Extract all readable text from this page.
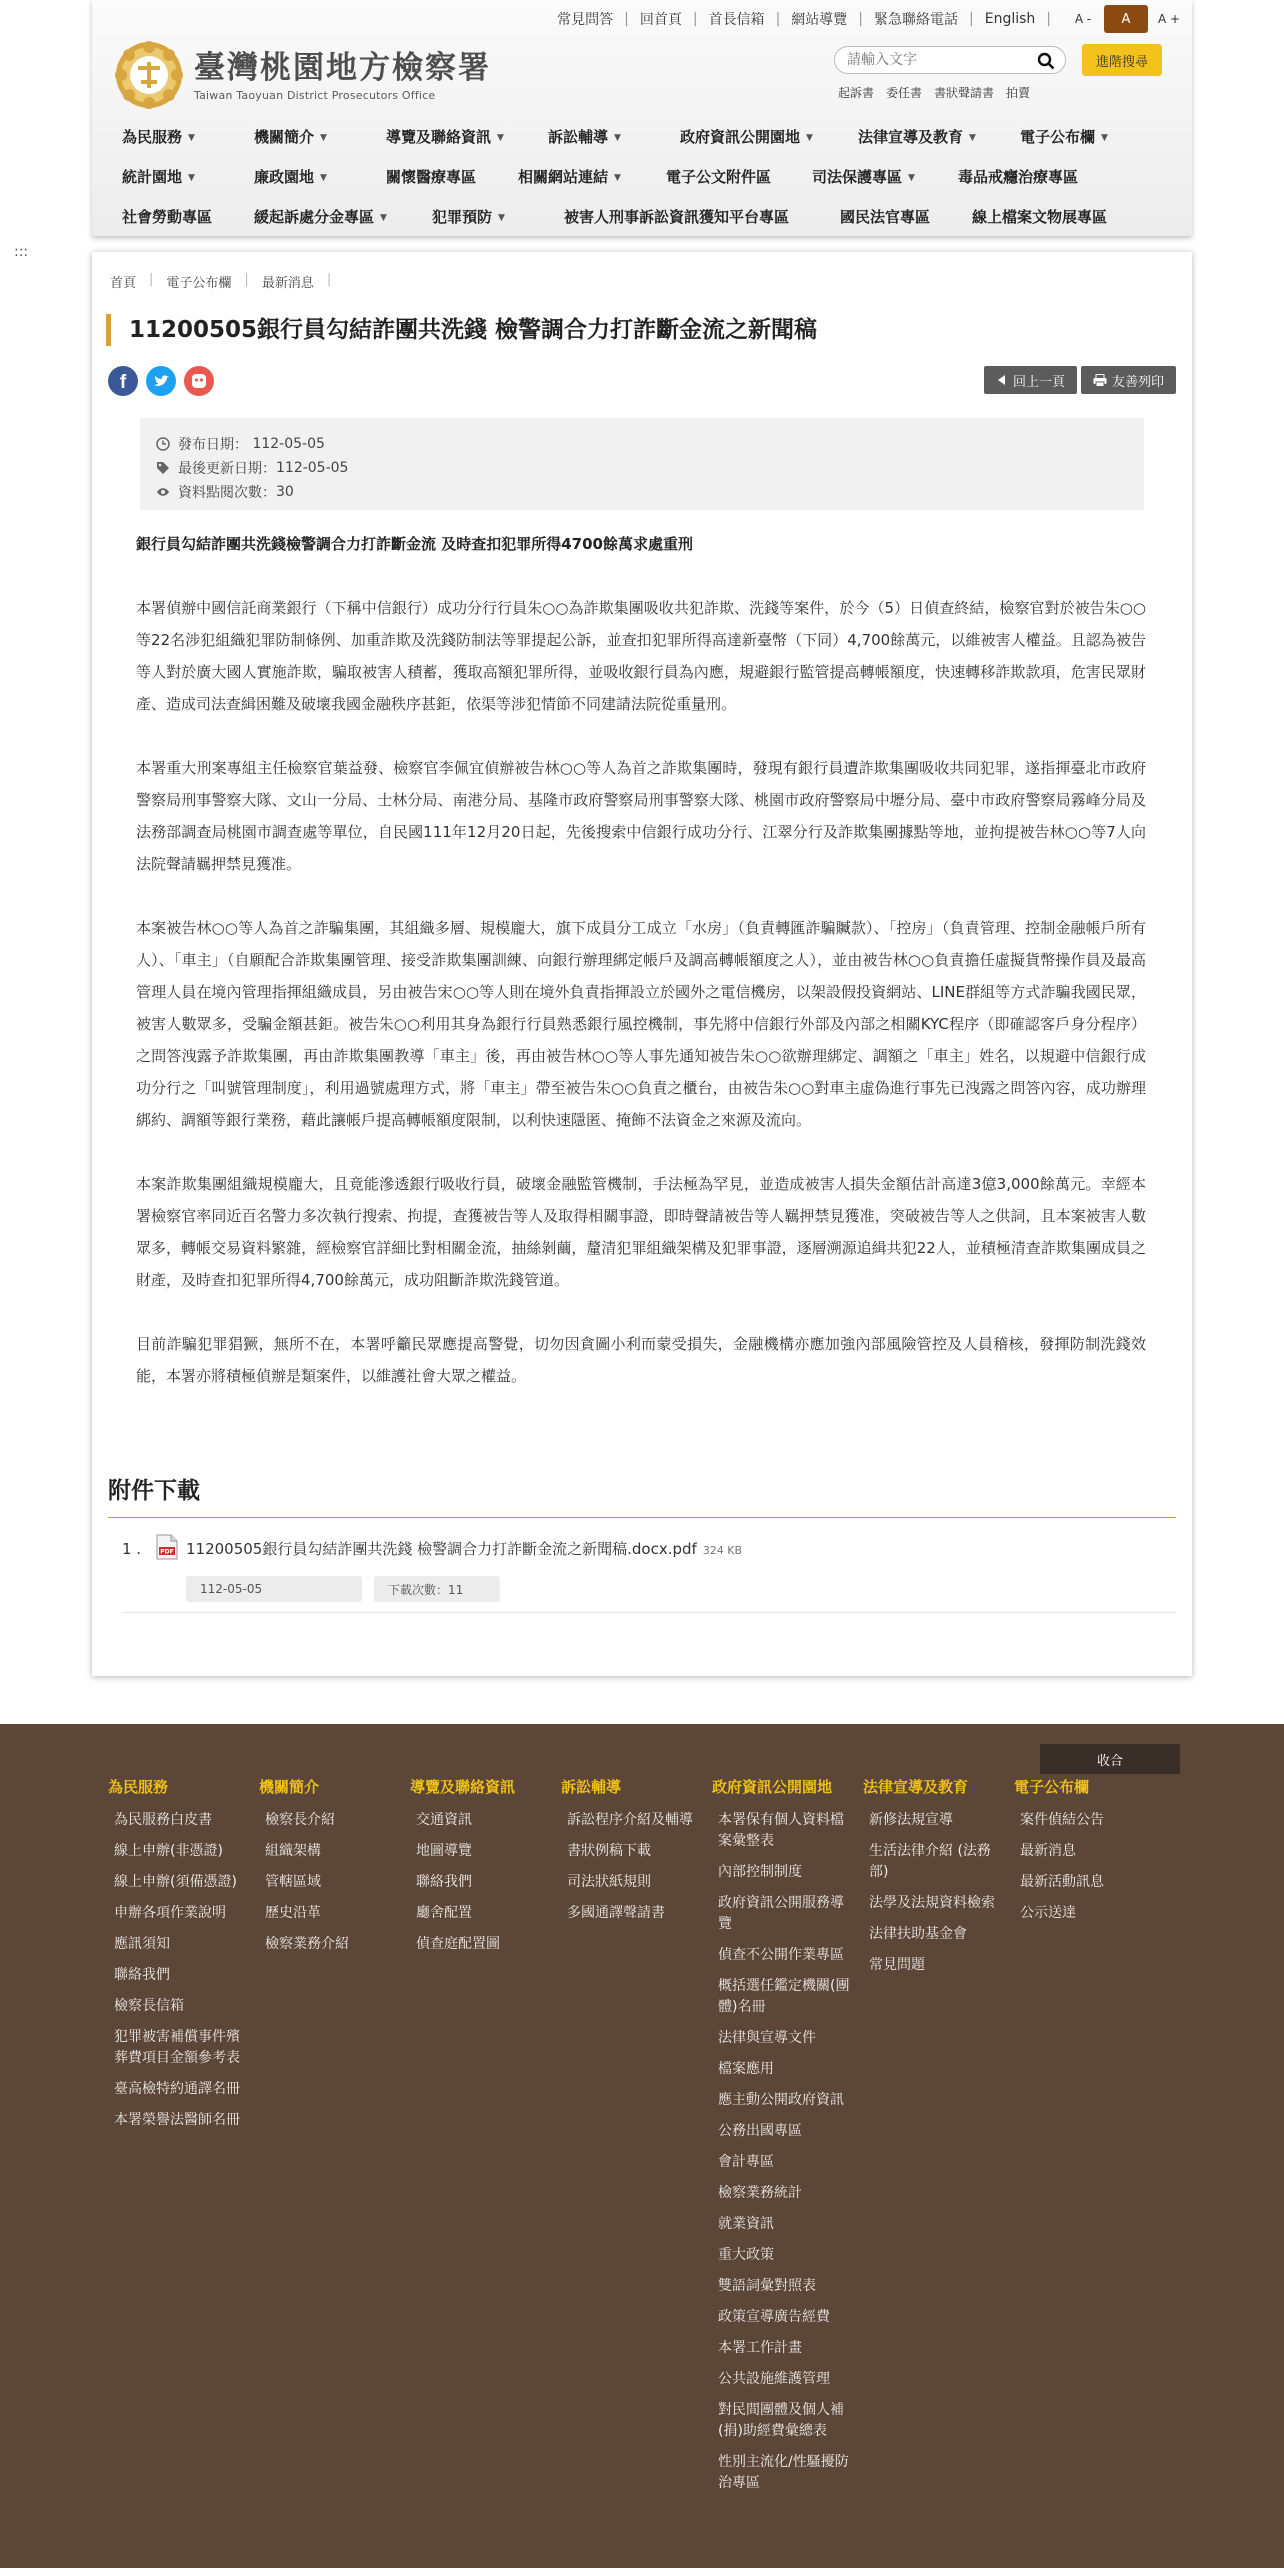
常見問答 | 回首頁 | 首長信箱 | 網站導覽 | 緊急聯絡電話 | English |	A -	A	A +
臺灣桃園地方檢察署
Taiwan Taoyuan District Prosecutors Office
請輸入文字
進階搜尋
起訴書 委任書 書狀聲請書 拍賣
為民服務 ▼	機關簡介 ▼	導覽及聯絡資訊 ▼	訴訟輔導 ▼	政府資訊公開園地 ▼	法律宣導及教育 ▼	電子公布欄 ▼
統計園地 ▼	廉政園地 ▼	關懷醫療專區	相關網站連結 ▼	電子公文附件區	司法保護專區 ▼	毒品戒癮治療專區
社會勞動專區	緩起訴處分金專區 ▼	犯罪預防 ▼	被害人刑事訴訟資訊獲知平台專區	國民法官專區	線上檔案文物展專區
:::
首頁 | 電子公布欄 | 最新消息 |
11200505銀行員勾結詐團共洗錢 檢警調合力打詐斷金流之新聞稿
f	回上一頁	友善列印
發布日期：
112-05-05
最後更新日期： 112-05-05
資料點閱次數： 30

銀行員勾結詐團共洗錢檢警調合力打詐斷金流 及時查扣犯罪所得4700餘萬求處重刑

本署偵辦中國信託商業銀行（下稱中信銀行）成功分行行員朱○○為詐欺集團吸收共犯詐欺、洗錢等案件，於今（5）日偵查終結，檢察官對於被告朱○○等22名涉犯組織犯罪防制條例、加重詐欺及洗錢防制法等罪提起公訴，並查扣犯罪所得高達新臺幣（下同）4,700餘萬元，以維被害人權益。且認為被告等人對於廣大國人實施詐欺，騙取被害人積蓄，獲取高額犯罪所得，並吸收銀行員為內應，規避銀行監管提高轉帳額度，快速轉移詐欺款項，危害民眾財產、造成司法查緝困難及破壞我國金融秩序甚鉅，依渠等涉犯情節不同建請法院從重量刑。

本署重大刑案專組主任檢察官葉益發、檢察官李佩宜偵辦被告林○○等人為首之詐欺集團時，發現有銀行員遭詐欺集團吸收共同犯罪，遂指揮臺北市政府警察局刑事警察大隊、文山一分局、士林分局、南港分局、基隆市政府警察局刑事警察大隊、桃園市政府警察局中壢分局、臺中市政府警察局霧峰分局及法務部調查局桃園市調查處等單位，自民國111年12月20日起，先後搜索中信銀行成功分行、江翠分行及詐欺集團據點等地，並拘提被告林○○等7人向法院聲請羈押禁見獲准。

本案被告林○○等人為首之詐騙集團，其組織多層、規模龐大，旗下成員分工成立「水房」（負責轉匯詐騙贓款）、「控房」（負責管理、控制金融帳戶所有人）、「車主」（自願配合詐欺集團管理、接受詐欺集團訓練、向銀行辦理綁定帳戶及調高轉帳額度之人），並由被告林○○負責擔任虛擬貨幣操作員及最高管理人員在境內管理指揮組織成員，另由被告宋○○等人則在境外負責指揮設立於國外之電信機房，以架設假投資網站、LINE群組等方式詐騙我國民眾，被害人數眾多，受騙金額甚鉅。被告朱○○利用其身為銀行行員熟悉銀行風控機制，事先將中信銀行外部及內部之相關KYC程序（即確認客戶身分程序）之問答洩露予詐欺集團，再由詐欺集團教導「車主」後，再由被告林○○等人事先通知被告朱○○欲辦理綁定、調額之「車主」姓名，以規避中信銀行成功分行之「叫號管理制度」，利用過號處理方式，將「車主」帶至被告朱○○負責之櫃台，由被告朱○○對車主虛偽進行事先已洩露之問答內容，成功辦理綁約、調額等銀行業務，藉此讓帳戶提高轉帳額度限制，以利快速隱匿、掩飾不法資金之來源及流向。

本案詐欺集團組織規模龐大，且竟能滲透銀行吸收行員，破壞金融監管機制，手法極為罕見，並造成被害人損失金額估計高達3億3,000餘萬元。幸經本署檢察官率同近百名警力多次執行搜索、拘提，查獲被告等人及取得相關事證，即時聲請被告等人羈押禁見獲准，突破被告等人之供詞，且本案被害人數眾多，轉帳交易資料繁雜，經檢察官詳細比對相關金流，抽絲剝繭，釐清犯罪組織架構及犯罪事證，逐層溯源追緝共犯22人，並積極清查詐欺集團成員之財產，及時查扣犯罪所得4,700餘萬元，成功阻斷詐欺洗錢管道。

目前詐騙犯罪猖獗，無所不在，本署呼籲民眾應提高警覺，切勿因貪圖小利而蒙受損失，金融機構亦應加強內部風險管控及人員稽核，發揮防制洗錢效能，本署亦將積極偵辦是類案件，以維護社會大眾之權益。

附件下載
1 .	PDF 11200505銀行員勾結詐團共洗錢 檢警調合力打詐斷金流之新聞稿.docx.pdf 324 KB
112-05-05	下載次數：11
收合
為民服務
為民服務白皮書
線上申辦(非憑證)
線上申辦(須備憑證)
申辦各項作業說明
應訊須知
聯絡我們
檢察長信箱
犯罪被害補償事件殯葬費項目金額參考表
臺高檢特約通譯名冊
本署榮譽法醫師名冊
機關簡介
檢察長介紹
組織架構
管轄區域
歷史沿革
檢察業務介紹
導覽及聯絡資訊
交通資訊
地圖導覽
聯絡我們
廳舍配置
偵查庭配置圖
訴訟輔導
訴訟程序介紹及輔導
書狀例稿下載
司法狀紙規則
多國通譯聲請書
政府資訊公開園地
本署保有個人資料檔案彙整表
內部控制制度
政府資訊公開服務導覽
偵查不公開作業專區
概括選任鑑定機關(團體)名冊
法律與宣導文件
檔案應用
應主動公開政府資訊
公務出國專區
會計專區
檢察業務統計
就業資訊
重大政策
雙語詞彙對照表
政策宣導廣告經費
本署工作計畫
公共設施維護管理
對民間團體及個人補(捐)助經費彙總表
性別主流化/性騷擾防治專區
法律宣導及教育
新修法規宣導
生活法律介紹 (法務部)
法學及法規資料檢索
法律扶助基金會
常見問題
電子公布欄
案件偵結公告
最新消息
最新活動訊息
公示送達
